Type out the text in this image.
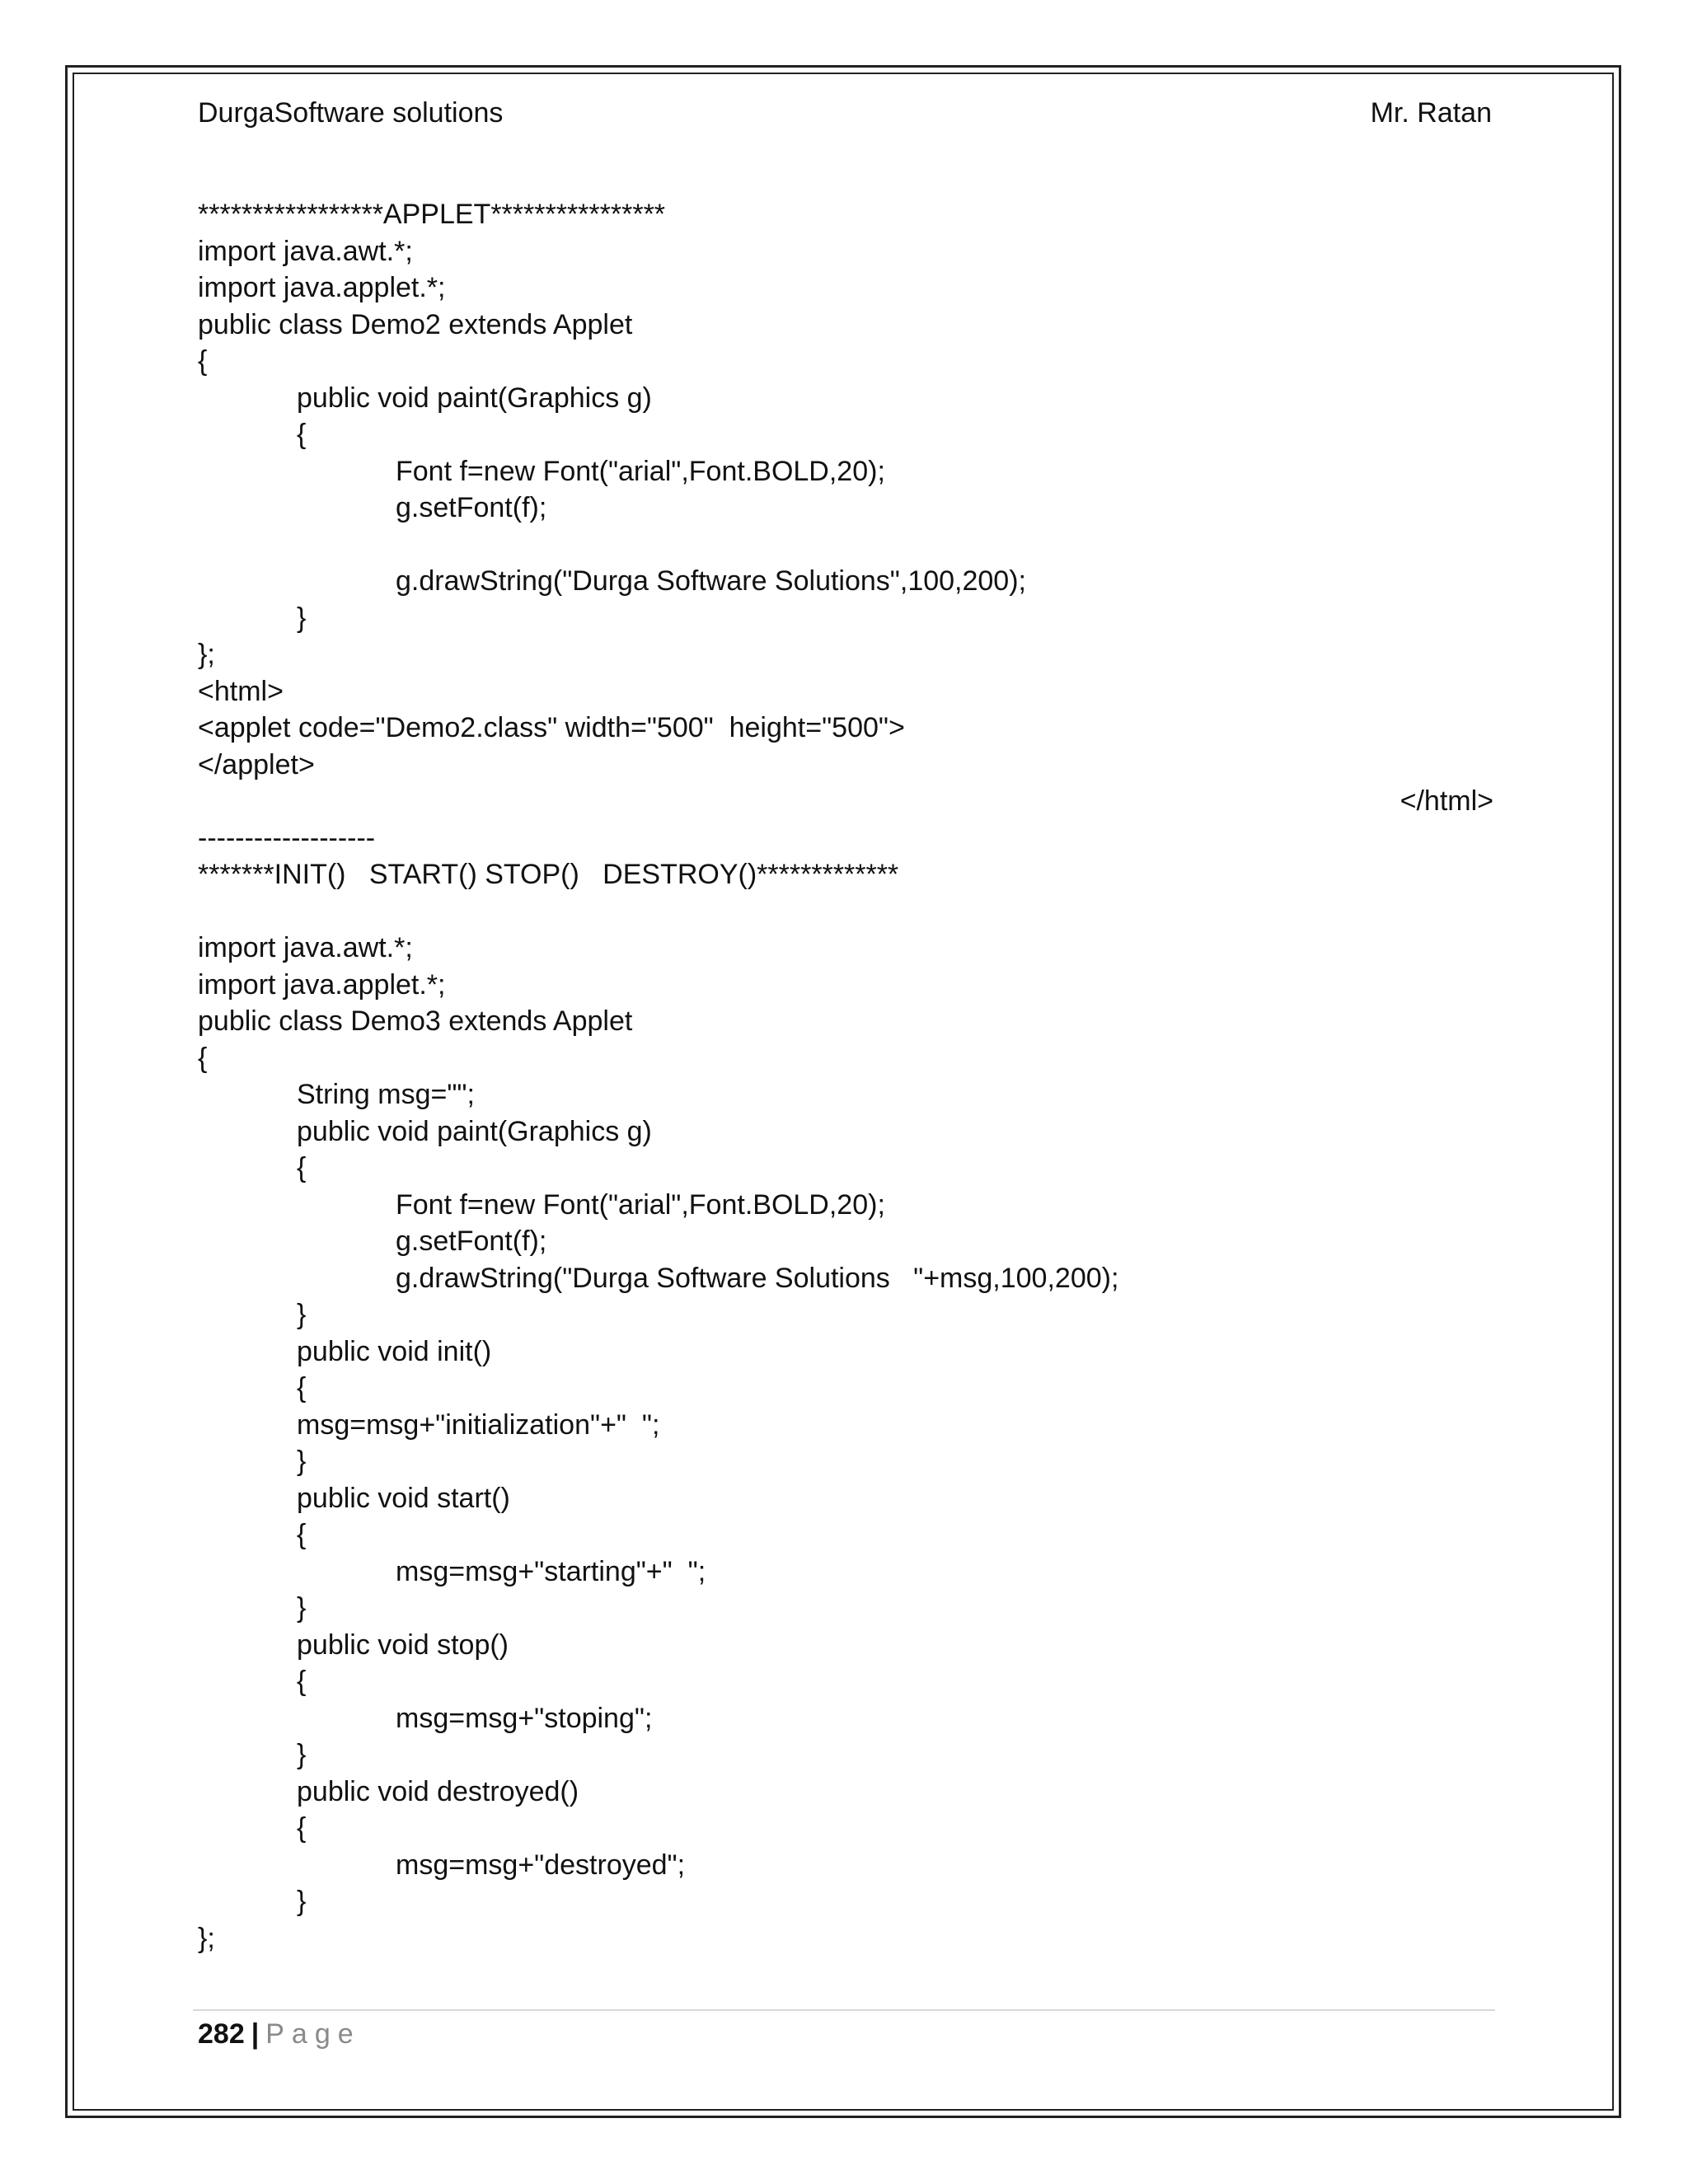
DurgaSoftware solutions	Mr. Ratan
*****************APPLET****************
import java.awt.*;
import java.applet.*;
public class Demo2 extends Applet
{
public void paint(Graphics g)
{
Font f=new Font("arial",Font.BOLD,20);
g.setFont(f);
g.drawString("Durga Software Solutions",100,200);
}
};
<html>
<applet code="Demo2.class" width="500"  height="500">
</applet>
</html>
-------------------
*******INIT()   START() STOP()   DESTROY()*************
import java.awt.*;
import java.applet.*;
public class Demo3 extends Applet
{
String msg="";
public void paint(Graphics g)
{
Font f=new Font("arial",Font.BOLD,20);
g.setFont(f);
g.drawString("Durga Software Solutions   "+msg,100,200);
}
public void init()
{
msg=msg+"initialization"+"  ";
}
public void start()
{
msg=msg+"starting"+"  ";
}
public void stop()
{
msg=msg+"stoping";
}
public void destroyed()
{
msg=msg+"destroyed";
}
};
282 | Page
